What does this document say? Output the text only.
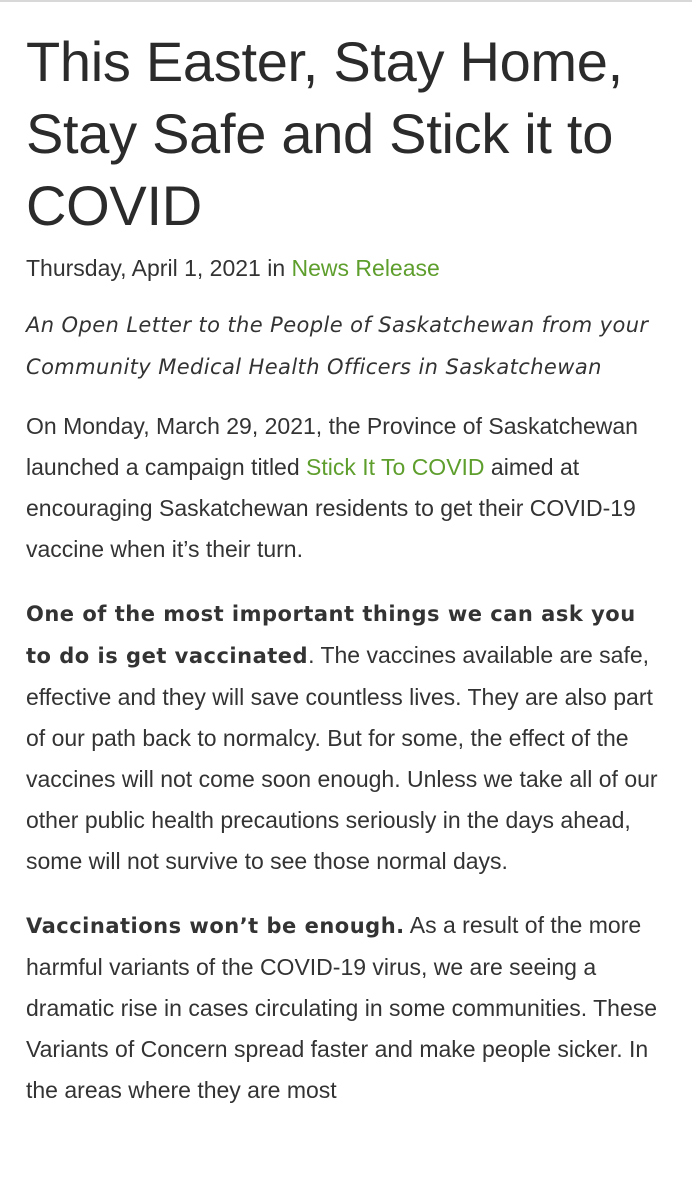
This Easter, Stay Home, Stay Safe and Stick it to COVID
Thursday, April 1, 2021 in News Release
An Open Letter to the People of Saskatchewan from your Community Medical Health Officers in Saskatchewan

On Monday, March 29, 2021, the Province of Saskatchewan launched a campaign titled Stick It To COVID aimed at encouraging Saskatchewan residents to get their COVID-19 vaccine when it’s their turn.

One of the most important things we can ask you to do is get vaccinated. The vaccines available are safe, effective and they will save countless lives. They are also part of our path back to normalcy. But for some, the effect of the vaccines will not come soon enough. Unless we take all of our other public health precautions seriously in the days ahead, some will not survive to see those normal days.

Vaccinations won’t be enough. As a result of the more harmful variants of the COVID-19 virus, we are seeing a dramatic rise in cases circulating in some communities. These Variants of Concern spread faster and make people sicker. In the areas where they are most
